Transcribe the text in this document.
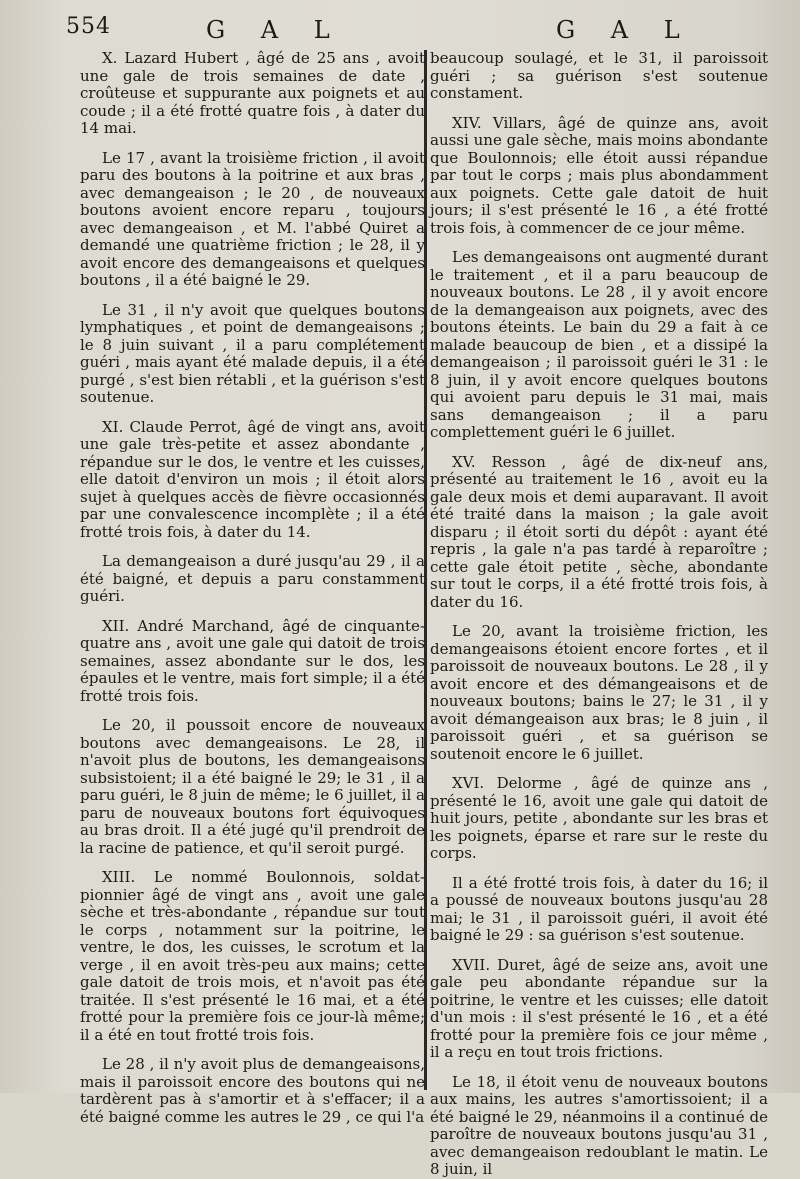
554	G A L	G A L

X. Lazard Hubert , âgé de 25 ans , avoit une gale de trois semaines de date , croûteuse et suppurante aux poignets et au coude ; il a été frotté quatre fois , à dater du 14 mai.

Le 17 , avant la troisième friction , il avoit paru des boutons à la poitrine et aux bras , avec demangeaison ; le 20 , de nouveaux boutons avoient encore reparu , toujours avec demangeaison , et M. l'abbé Quiret a demandé une quatrième friction ; le 28, il y avoit encore des demangeaisons et quelques boutons , il a été baigné le 29.

Le 31 , il n'y avoit que quelques boutons lymphatiques , et point de demangeaisons ; le 8 juin suivant , il a paru complétement guéri , mais ayant été malade depuis, il a été purgé , s'est bien rétabli , et la guérison s'est soutenue.

XI. Claude Perrot, âgé de vingt ans, avoit une gale très-petite et assez abondante , répandue sur le dos, le ventre et les cuisses, elle datoit d'environ un mois ; il étoit alors sujet à quelques accès de fièvre occasionnés par une convalescence incomplète ; il a été frotté trois fois, à dater du 14.

La demangeaison a duré jusqu'au 29 , il a été baigné, et depuis a paru constamment guéri.

XII. André Marchand, âgé de cinquante-quatre ans , avoit une gale qui datoit de trois semaines, assez abondante sur le dos, les épaules et le ventre, mais fort simple; il a été frotté trois fois.

Le 20, il poussoit encore de nouveaux boutons avec demangeaisons. Le 28, il n'avoit plus de boutons, les demangeaisons subsistoient; il a été baigné le 29; le 31 , il a paru guéri, le 8 juin de même; le 6 juillet, il a paru de nouveaux boutons fort équivoques au bras droit. Il a été jugé qu'il prendroit de la racine de patience, et qu'il seroit purgé.

XIII. Le nommé Boulonnois, soldat-pionnier âgé de vingt ans , avoit une gale sèche et très-abondante , répandue sur tout le corps , notamment sur la poitrine, le ventre, le dos, les cuisses, le scrotum et la verge , il en avoit très-peu aux mains; cette gale datoit de trois mois, et n'avoit pas été traitée. Il s'est présenté le 16 mai, et a été frotté pour la première fois ce jour-là même; il a été en tout frotté trois fois.

Le 28 , il n'y avoit plus de demangeaisons, mais il paroissoit encore des boutons qui ne tardèrent pas à s'amortir et à s'effacer; il a été baigné comme les autres le 29 , ce qui l'a

beaucoup soulagé, et le 31, il paroissoit guéri ; sa guérison s'est soutenue constament.

XIV. Villars, âgé de quinze ans, avoit aussi une gale sèche, mais moins abondante que Boulonnois; elle étoit aussi répandue par tout le corps ; mais plus abondamment aux poignets. Cette gale datoit de huit jours; il s'est présenté le 16 , a été frotté trois fois, à commencer de ce jour même.

Les demangeaisons ont augmenté durant le traitement , et il a paru beaucoup de nouveaux boutons. Le 28 , il y avoit encore de la demangeaison aux poignets, avec des boutons éteints. Le bain du 29 a fait à ce malade beaucoup de bien , et a dissipé la demangeaison ; il paroissoit guéri le 31 : le 8 juin, il y avoit encore quelques boutons qui avoient paru depuis le 31 mai, mais sans demangeaison ; il a paru complettement guéri le 6 juillet.

XV. Resson , âgé de dix-neuf ans, présenté au traitement le 16 , avoit eu la gale deux mois et demi auparavant. Il avoit été traité dans la maison ; la gale avoit disparu ; il étoit sorti du dépôt : ayant été repris , la gale n'a pas tardé à reparoître ; cette gale étoit petite , sèche, abondante sur tout le corps, il a été frotté trois fois, à dater du 16.

Le 20, avant la troisième friction, les demangeaisons étoient encore fortes , et il paroissoit de nouveaux boutons. Le 28 , il y avoit encore et des démangeaisons et de nouveaux boutons; bains le 27; le 31 , il y avoit démangeaison aux bras; le 8 juin , il paroissoit guéri , et sa guérison se soutenoit encore le 6 juillet.

XVI. Delorme , âgé de quinze ans , présenté le 16, avoit une gale qui datoit de huit jours, petite , abondante sur les bras et les poignets, éparse et rare sur le reste du corps.

Il a été frotté trois fois, à dater du 16; il a poussé de nouveaux boutons jusqu'au 28 mai; le 31 , il paroissoit guéri, il avoit été baigné le 29 : sa guérison s'est soutenue.

XVII. Duret, âgé de seize ans, avoit une gale peu abondante répandue sur la poitrine, le ventre et les cuisses; elle datoit d'un mois : il s'est présenté le 16 , et a été frotté pour la première fois ce jour même , il a reçu en tout trois frictions.

Le 18, il étoit venu de nouveaux boutons aux mains, les autres s'amortissoient; il a été baigné le 29, néanmoins il a continué de paroître de nouveaux boutons jusqu'au 31 , avec demangeaison redoublant le matin. Le 8 juin, il
